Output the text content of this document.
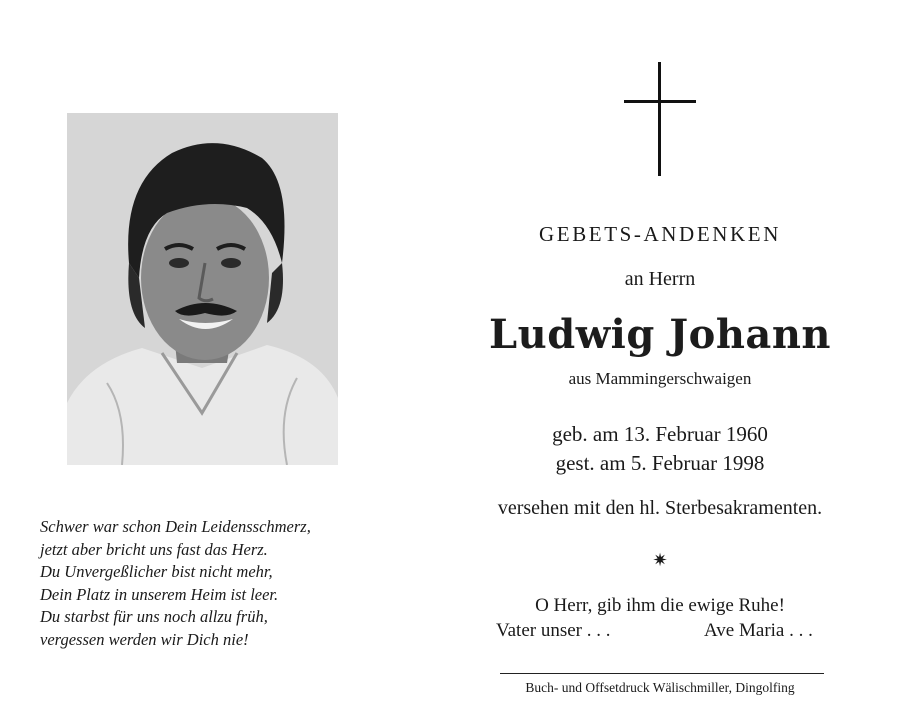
Schwer war schon Dein Leidensschmerz,
jetzt aber bricht uns fast das Herz.
Du Unvergeßlicher bist nicht mehr,
Dein Platz in unserem Heim ist leer.
Du starbst für uns noch allzu früh,
vergessen werden wir Dich nie!
GEBETS-ANDENKEN
an Herrn
Ludwig Johann
aus Mammingerschwaigen
geb. am 13. Februar 1960
gest. am 5. Februar 1998
versehen mit den hl. Sterbesakramenten.
✷
O Herr, gib ihm die ewige Ruhe!
Vater unser . . .	Ave Maria . . .
Buch- und Offsetdruck Wälischmiller, Dingolfing
